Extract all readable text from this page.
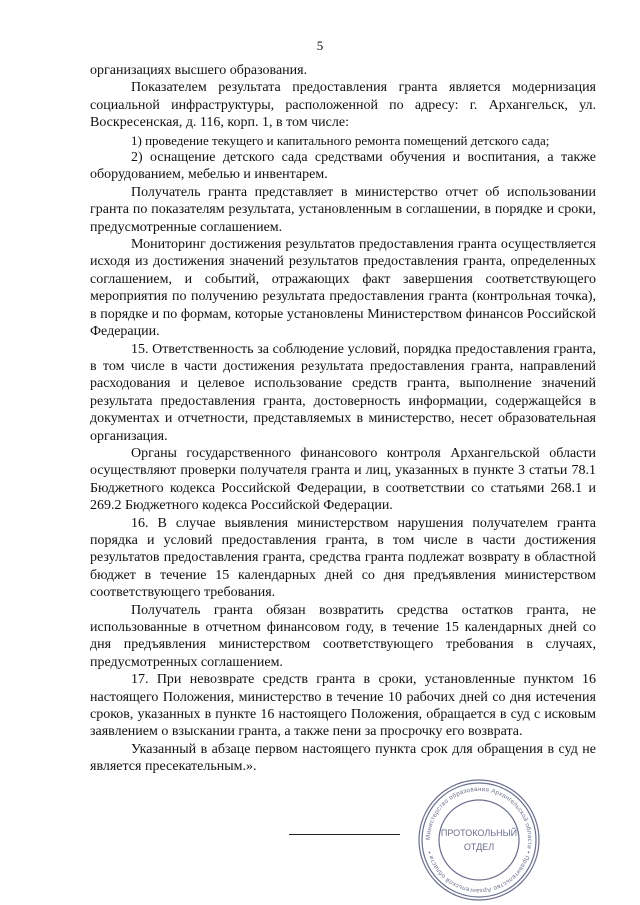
5

организациях высшего образования.

Показателем результата предоставления гранта является модернизация социальной инфраструктуры, расположенной по адресу: г. Архангельск, ул. Воскресенская, д. 116, корп. 1, в том числе:

1) проведение текущего и капитального ремонта помещений детского сада;

2) оснащение детского сада средствами обучения и воспитания, а также оборудованием, мебелью и инвентарем.

Получатель гранта представляет в министерство отчет об использовании гранта по показателям результата, установленным в соглашении, в порядке и сроки, предусмотренные соглашением.

Мониторинг достижения результатов предоставления гранта осуществляется исходя из достижения значений результатов предоставления гранта, определенных соглашением, и событий, отражающих факт завершения соответствующего мероприятия по получению результата предоставления гранта (контрольная точка), в порядке и по формам, которые установлены Министерством финансов Российской Федерации.

15. Ответственность за соблюдение условий, порядка предоставления гранта, в том числе в части достижения результата предоставления гранта, направлений расходования и целевое использование средств гранта, выполнение значений результата предоставления гранта, достоверность информации, содержащейся в документах и отчетности, представляемых в министерство, несет образовательная организация.

Органы государственного финансового контроля Архангельской области осуществляют проверки получателя гранта и лиц, указанных в пункте 3 статьи 78.1 Бюджетного кодекса Российской Федерации, в соответствии со статьями 268.1 и 269.2 Бюджетного кодекса Российской Федерации.

16. В случае выявления министерством нарушения получателем гранта порядка и условий предоставления гранта, в том числе в части достижения результатов предоставления гранта, средства гранта подлежат возврату в областной бюджет в течение 15 календарных дней со дня предъявления министерством соответствующего требования.

Получатель гранта обязан возвратить средства остатков гранта, не использованные в отчетном финансовом году, в течение 15 календарных дней со дня предъявления министерством соответствующего требования в случаях, предусмотренных соглашением.

17. При невозврате средств гранта в сроки, установленные пунктом 16 настоящего Положения, министерство в течение 10 рабочих дней со дня истечения сроков, указанных в пункте 16 настоящего Положения, обращается в суд с исковым заявлением о взыскании гранта, а также пени за просрочку его возврата.

Указанный в абзаце первом настоящего пункта срок для обращения в суд не является пресекательным.».

Министерство образования Архангельской области • Правительство Архангельской области •
ПРОТОКОЛЬНЫЙ
ОТДЕЛ
